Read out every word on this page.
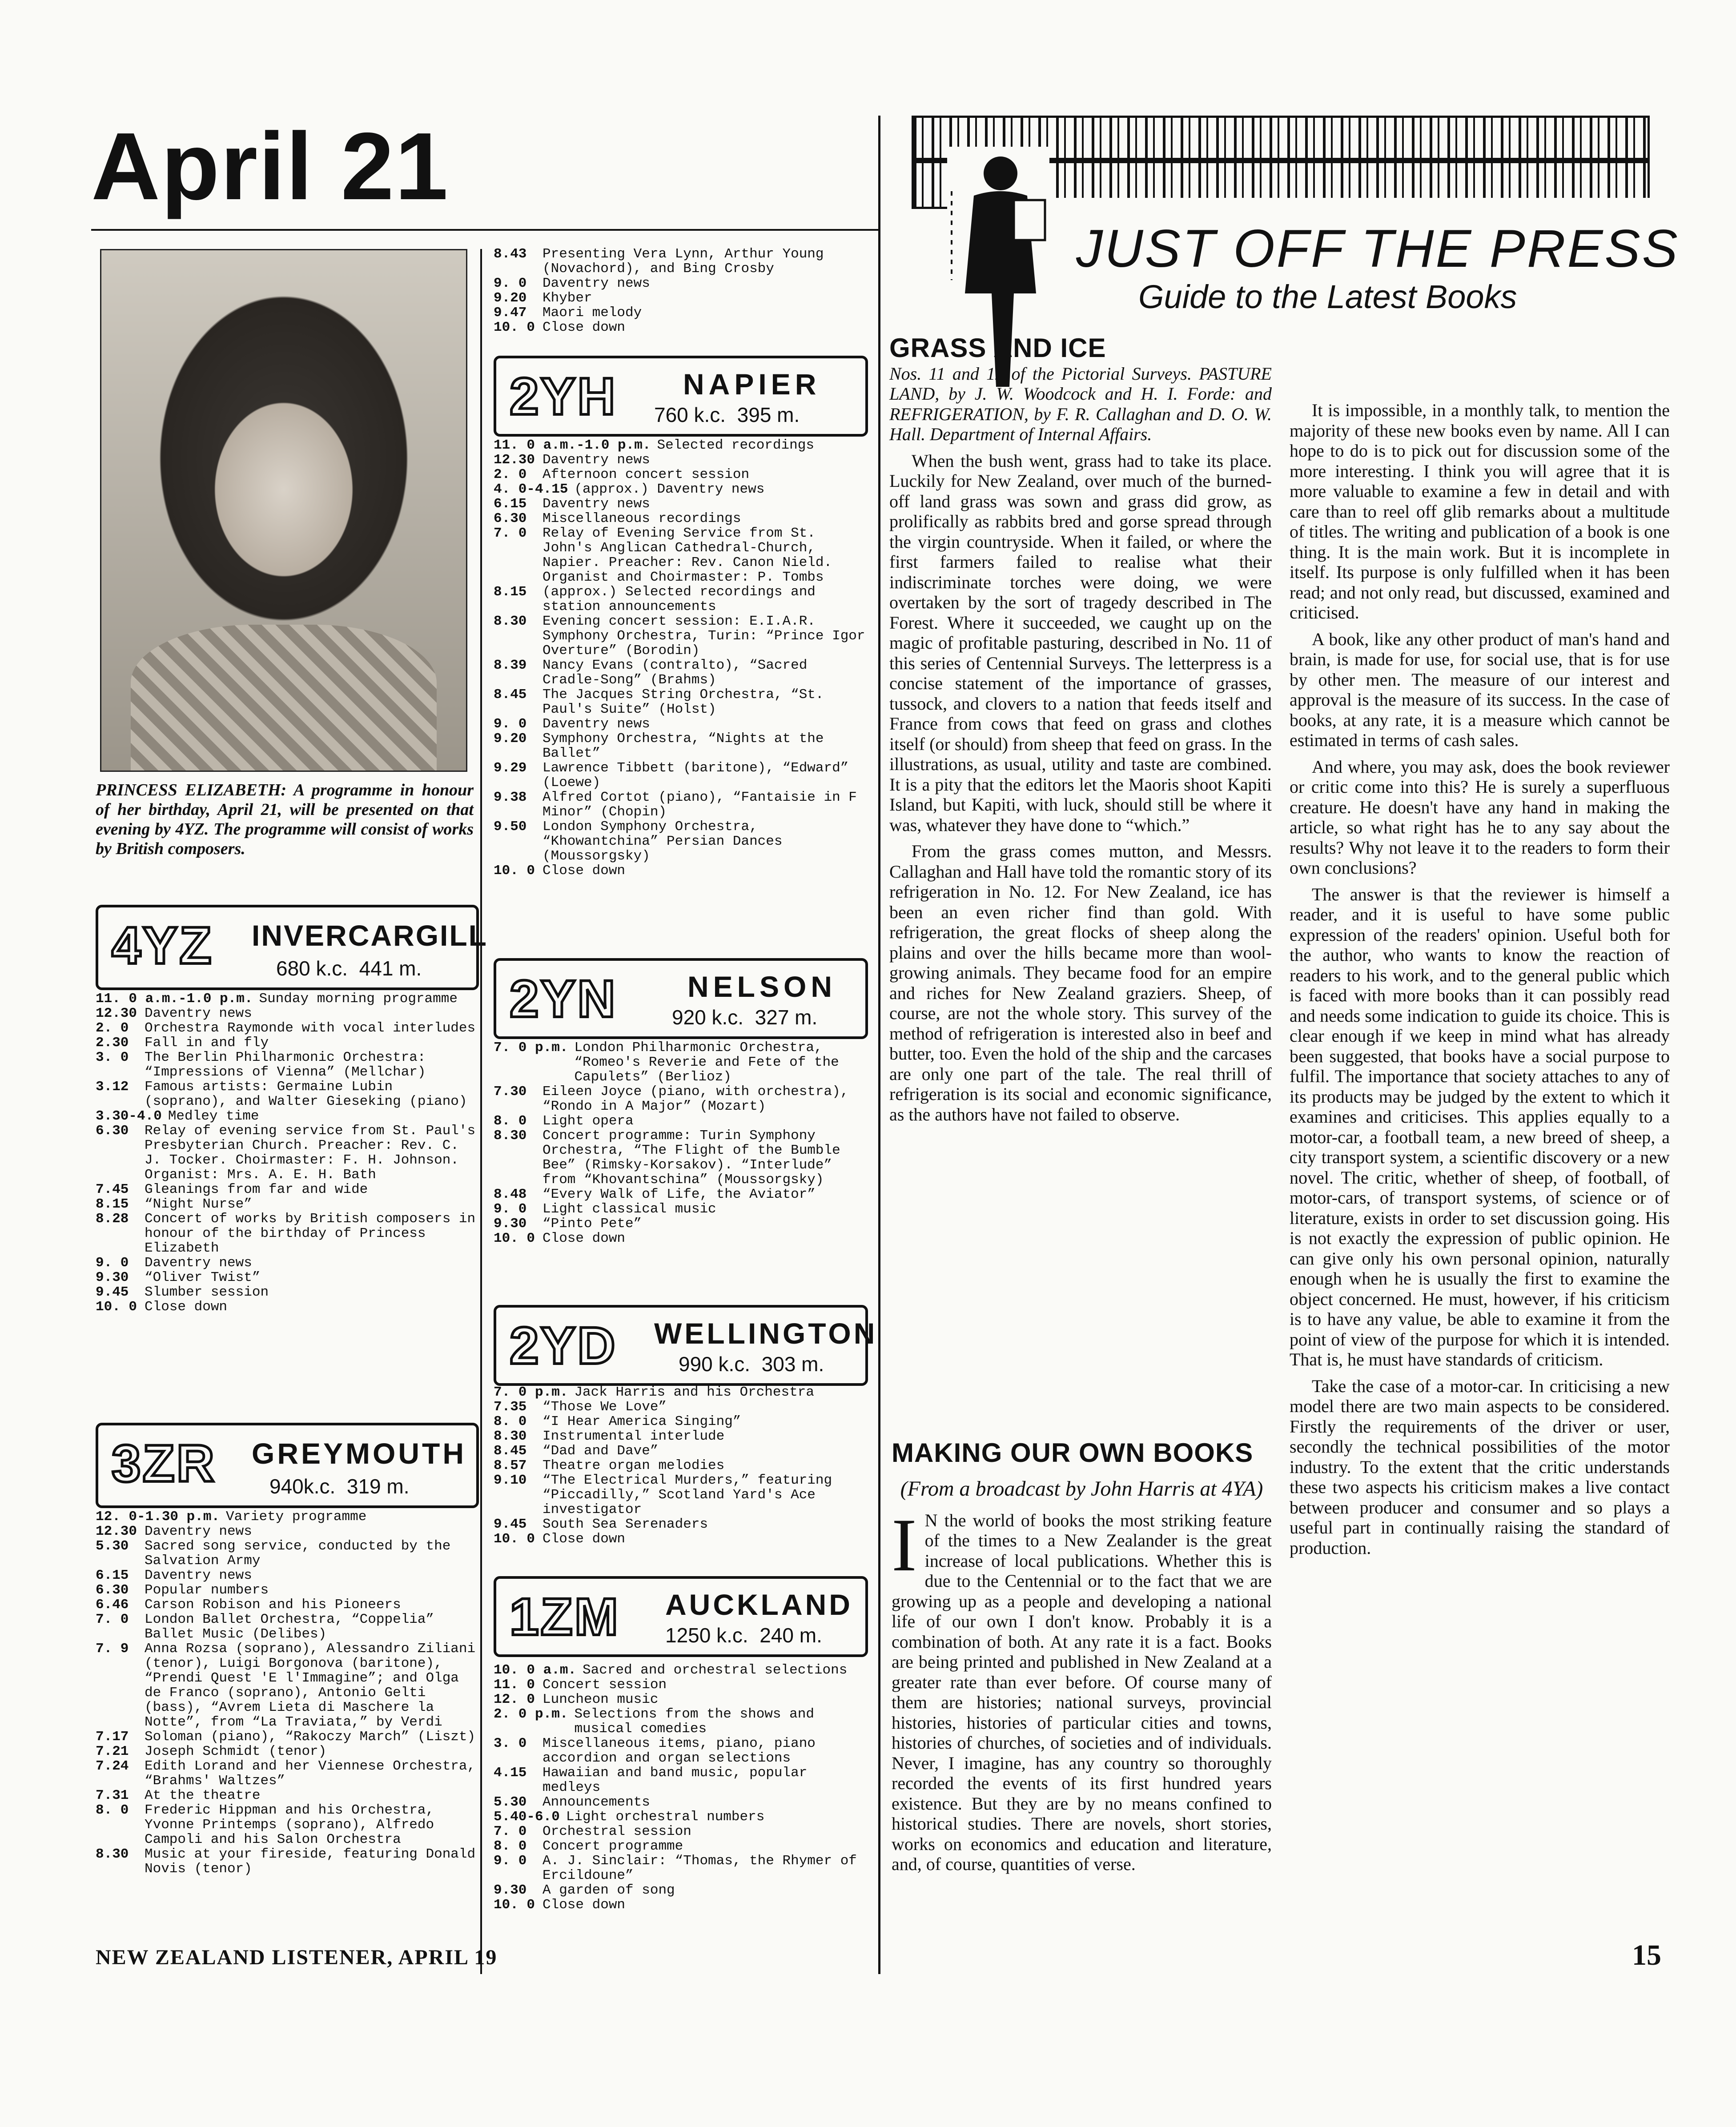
April 21
PRINCESS ELIZABETH: A programme in honour of her birthday, April 21, will be presented on that evening by 4YZ. The programme will consist of works by British composers.
4YZ INVERCARGILL
680 k.c. 441 m.
11. 0 a.m.-1.0 p.m. Sunday morning programme
12.30 Daventry news
2. 0 Orchestra Raymonde with vocal interludes
2.30 Fall in and fly
3. 0 The Berlin Philharmonic Orchestra: “Impressions of Vienna” (Mellchar)
3.12 Famous artists: Germaine Lubin (soprano), and Walter Gieseking (piano)
3.30-4.0 Medley time
6.30 Relay of evening service from St. Paul's Presbyterian Church. Preacher: Rev. C. J. Tocker. Choirmaster: F. H. Johnson. Organist: Mrs. A. E. H. Bath
7.45 Gleanings from far and wide
8.15 “Night Nurse”
8.28 Concert of works by British composers in honour of the birthday of Princess Elizabeth
9. 0 Daventry news
9.30 “Oliver Twist”
9.45 Slumber session
10. 0 Close down
3ZR GREYMOUTH
940k.c. 319 m.
12. 0-1.30 p.m. Variety programme
12.30 Daventry news
5.30 Sacred song service, conducted by the Salvation Army
6.15 Daventry news
6.30 Popular numbers
6.46 Carson Robison and his Pioneers
7. 0 London Ballet Orchestra, “Coppelia” Ballet Music (Delibes)
7. 9 Anna Rozsa (soprano), Alessandro Ziliani (tenor), Luigi Borgonova (baritone), “Prendi Quest 'E l'Immagine”; and Olga de Franco (soprano), Antonio Gelti (bass), “Avrem Lieta di Maschere la Notte”, from “La Traviata,” by Verdi
7.17 Soloman (piano), “Rakoczy March” (Liszt)
7.21 Joseph Schmidt (tenor)
7.24 Edith Lorand and her Viennese Orchestra, “Brahms' Waltzes”
7.31 At the theatre
8. 0 Frederic Hippman and his Orchestra, Yvonne Printemps (soprano), Alfredo Campoli and his Salon Orchestra
8.30 Music at your fireside, featuring Donald Novis (tenor)
8.43 Presenting Vera Lynn, Arthur Young (Novachord), and Bing Crosby
9. 0 Daventry news
9.20 Khyber
9.47 Maori melody
10. 0 Close down
2YH NAPIER
760 k.c. 395 m.
11. 0 a.m.-1.0 p.m. Selected recordings
12.30 Daventry news
2. 0 Afternoon concert session
4. 0-4.15 (approx.) Daventry news
6.15 Daventry news
6.30 Miscellaneous recordings
7. 0 Relay of Evening Service from St. John's Anglican Cathedral-Church, Napier. Preacher: Rev. Canon Nield. Organist and Choirmaster: P. Tombs
8.15 (approx.) Selected recordings and station announcements
8.30 Evening concert session: E.I.A.R. Symphony Orchestra, Turin: “Prince Igor Overture” (Borodin)
8.39 Nancy Evans (contralto), “Sacred Cradle-Song” (Brahms)
8.45 The Jacques String Orchestra, “St. Paul's Suite” (Holst)
9. 0 Daventry news
9.20 Symphony Orchestra, “Nights at the Ballet”
9.29 Lawrence Tibbett (baritone), “Edward” (Loewe)
9.38 Alfred Cortot (piano), “Fantaisie in F Minor” (Chopin)
9.50 London Symphony Orchestra, “Khowantchina” Persian Dances (Moussorgsky)
10. 0 Close down
2YN NELSON
920 k.c. 327 m.
7. 0 p.m. London Philharmonic Orchestra, “Romeo's Reverie and Fete of the Capulets” (Berlioz)
7.30 Eileen Joyce (piano, with orchestra), “Rondo in A Major” (Mozart)
8. 0 Light opera
8.30 Concert programme: Turin Symphony Orchestra, “The Flight of the Bumble Bee” (Rimsky-Korsakov). “Interlude” from “Khovantschina” (Moussorgsky)
8.48 “Every Walk of Life, the Aviator”
9. 0 Light classical music
9.30 “Pinto Pete”
10. 0 Close down
2YD WELLINGTON
990 k.c. 303 m.
7. 0 p.m. Jack Harris and his Orchestra
7.35 “Those We Love”
8. 0 “I Hear America Singing”
8.30 Instrumental interlude
8.45 “Dad and Dave”
8.57 Theatre organ melodies
9.10 “The Electrical Murders,” featuring “Piccadilly,” Scotland Yard's Ace investigator
9.45 South Sea Serenaders
10. 0 Close down
1ZM AUCKLAND
1250 k.c. 240 m.
10. 0 a.m. Sacred and orchestral selections
11. 0 Concert session
12. 0 Luncheon music
2. 0 p.m. Selections from the shows and musical comedies
3. 0 Miscellaneous items, piano, piano accordion and organ selections
4.15 Hawaiian and band music, popular medleys
5.30 Announcements
5.40-6.0 Light orchestral numbers
7. 0 Orchestral session
8. 0 Concert programme
9. 0 A. J. Sinclair: “Thomas, the Rhymer of Ercildoune”
9.30 A garden of song
10. 0 Close down
JUST OFF THE PRESS
Guide to the Latest Books
GRASS AND ICE

Nos. 11 and 12 of the Pictorial Surveys. PASTURE LAND, by J. W. Woodcock and H. I. Forde: and REFRIGERATION, by F. R. Callaghan and D. O. W. Hall. Department of Internal Affairs.

When the bush went, grass had to take its place. Luckily for New Zealand, over much of the burned-off land grass was sown and grass did grow, as prolifically as rabbits bred and gorse spread through the virgin countryside. When it failed, or where the first farmers failed to realise what their indiscriminate torches were doing, we were overtaken by the sort of tragedy described in The Forest. Where it succeeded, we caught up on the magic of profitable pasturing, described in No. 11 of this series of Centennial Surveys. The letterpress is a concise statement of the importance of grasses, tussock, and clovers to a nation that feeds itself and France from cows that feed on grass and clothes itself (or should) from sheep that feed on grass. In the illustrations, as usual, utility and taste are combined. It is a pity that the editors let the Maoris shoot Kapiti Island, but Kapiti, with luck, should still be where it was, whatever they have done to “which.”

From the grass comes mutton, and Messrs. Callaghan and Hall have told the romantic story of its refrigeration in No. 12. For New Zealand, ice has been an even richer find than gold. With refrigeration, the great flocks of sheep along the plains and over the hills became more than wool-growing animals. They became food for an empire and riches for New Zealand graziers. Sheep, of course, are not the whole story. This survey of the method of refrigeration is interested also in beef and butter, too. Even the hold of the ship and the carcases are only one part of the tale. The real thrill of refrigeration is its social and economic significance, as the authors have not failed to observe.

MAKING OUR OWN BOOKS

(From a broadcast by John Harris at 4YA)

I N the world of books the most striking feature of the times to a New Zealander is the great increase of local publications. Whether this is due to the Centennial or to the fact that we are growing up as a people and developing a national life of our own I don't know. Probably it is a combination of both. At any rate it is a fact. Books are being printed and published in New Zealand at a greater rate than ever before. Of course many of them are histories; national surveys, provincial histories, histories of particular cities and towns, histories of churches, of societies and of individuals. Never, I imagine, has any country so thoroughly recorded the events of its first hundred years existence. But they are by no means confined to historical studies. There are novels, short stories, works on economics and education and literature, and, of course, quantities of verse.

It is impossible, in a monthly talk, to mention the majority of these new books even by name. All I can hope to do is to pick out for discussion some of the more interesting. I think you will agree that it is more valuable to examine a few in detail and with care than to reel off glib remarks about a multitude of titles. The writing and publication of a book is one thing. It is the main work. But it is incomplete in itself. Its purpose is only fulfilled when it has been read; and not only read, but discussed, examined and criticised.

A book, like any other product of man's hand and brain, is made for use, for social use, that is for use by other men. The measure of our interest and approval is the measure of its success. In the case of books, at any rate, it is a measure which cannot be estimated in terms of cash sales.

And where, you may ask, does the book reviewer or critic come into this? He is surely a superfluous creature. He doesn't have any hand in making the article, so what right has he to any say about the results? Why not leave it to the readers to form their own conclusions?

The answer is that the reviewer is himself a reader, and it is useful to have some public expression of the readers' opinion. Useful both for the author, who wants to know the reaction of readers to his work, and to the general public which is faced with more books than it can possibly read and needs some indication to guide its choice. This is clear enough if we keep in mind what has already been suggested, that books have a social purpose to fulfil. The importance that society attaches to any of its products may be judged by the extent to which it examines and criticises. This applies equally to a motor-car, a football team, a new breed of sheep, a city transport system, a scientific discovery or a new novel. The critic, whether of sheep, of football, of motor-cars, of transport systems, of science or of literature, exists in order to set discussion going. His is not exactly the expression of public opinion. He can give only his own personal opinion, naturally enough when he is usually the first to examine the object concerned. He must, however, if his criticism is to have any value, be able to examine it from the point of view of the purpose for which it is intended. That is, he must have standards of criticism.

Take the case of a motor-car. In criticising a new model there are two main aspects to be considered. Firstly the requirements of the driver or user, secondly the technical possibilities of the motor industry. To the extent that the critic understands these two aspects his criticism makes a live contact between producer and consumer and so plays a useful part in continually raising the standard of production.

NEW ZEALAND LISTENER, APRIL 19	15
